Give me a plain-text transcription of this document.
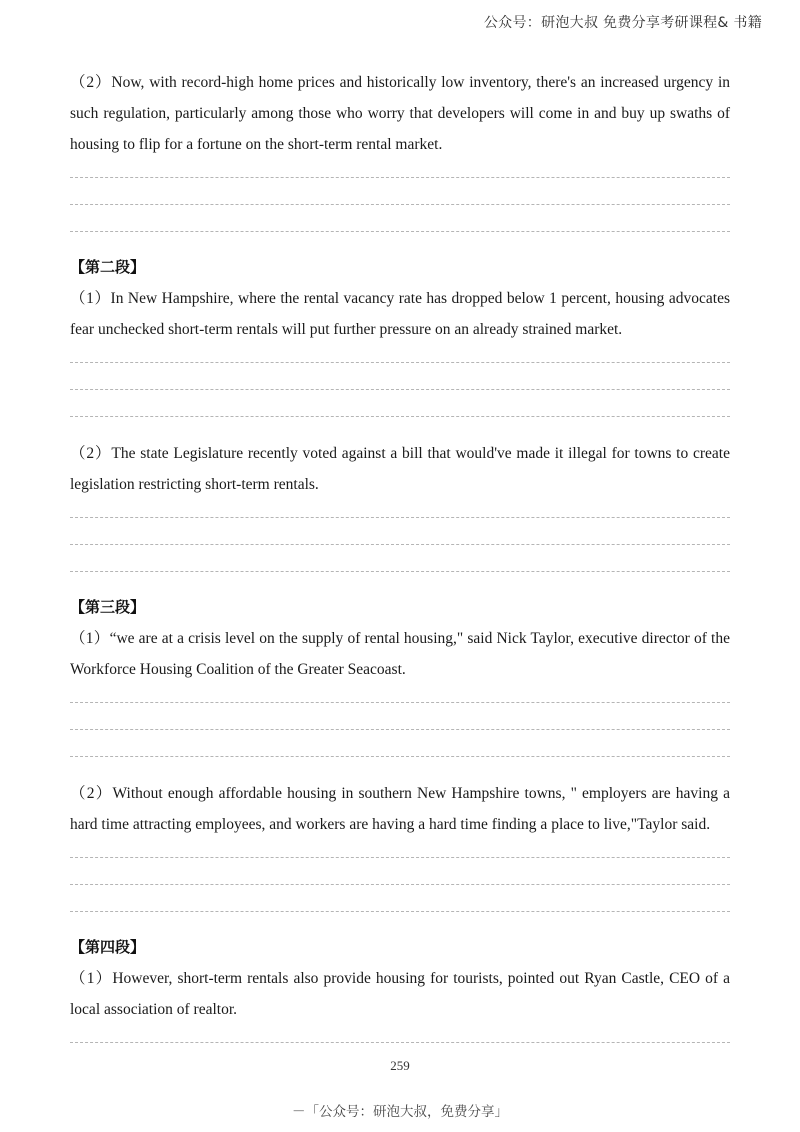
公众号：研泡大叔 免费分享考研课程& 书籍

（2）Now, with record-high home prices and historically low inventory, there's an increased urgency in such regulation, particularly among those who worry that developers will come in and buy up swaths of housing to flip for a fortune on the short-term rental market.

【第二段】

（1）In New Hampshire, where the rental vacancy rate has dropped below 1 percent, housing advocates fear unchecked short-term rentals will put further pressure on an already strained market.

（2）The state Legislature recently voted against a bill that would've made it illegal for towns to create legislation restricting short-term rentals.

【第三段】

（1）“we are at a crisis level on the supply of rental housing," said Nick Taylor, executive director of the Workforce Housing Coalition of the Greater Seacoast.

（2）Without enough affordable housing in southern New Hampshire towns, " employers are having a hard time attracting employees, and workers are having a hard time finding a place to live,"Taylor said.

【第四段】

（1）However, short-term rentals also provide housing for tourists, pointed out Ryan Castle, CEO of a local association of realtor.

259
－「公众号：研泡大叔，免费分享」
